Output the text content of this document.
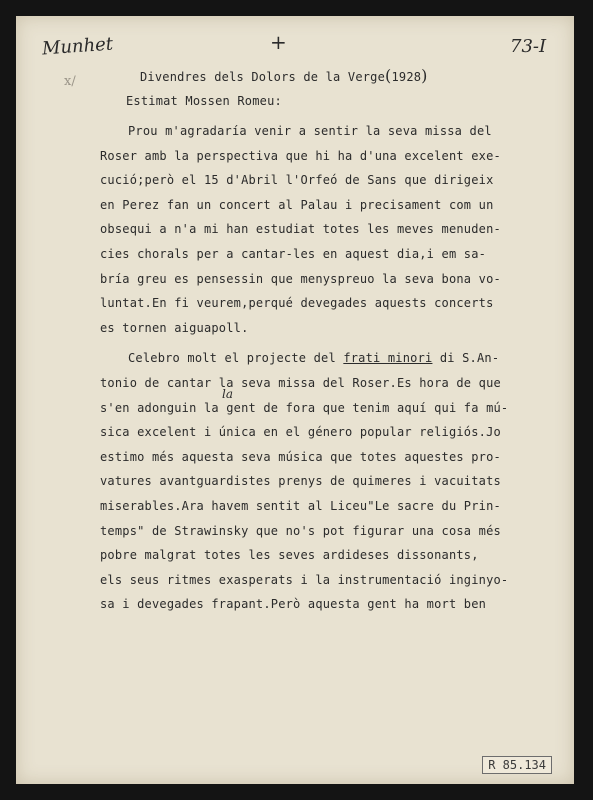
Munhet	+	73-I
x/	Divendres dels Dolors de la Verge(1928)
Estimat Mossen Romeu:
Prou m'agradaría venir a sentir la seva missa del
Roser amb la perspectiva que hi ha d'una excelent exe-
cució;però el 15 d'Abril l'Orfeó de Sans que dirigeix
en Perez fan un concert al Palau i precisament com un
obsequi a n'a mi han estudiat totes les meves menuden-
cies chorals per a cantar-les en aquest dia,i em sa-
bría greu es pensessin que menyspreuo la seva bona vo-
luntat.En fi veurem,perqué devegades aquests concerts
es tornen aiguapoll.
Celebro molt el projecte del frati minori di S.An-
tonio de cantar la seva missa del Roser.Es hora de que
s'en adonguin la gent de fora que tenim aquí qui fa mú-
sica excelent i única en el género popular religiós.Jo
estimo més aquesta seva música que totes aquestes pro-
vatures avantguardistes prenys de quimeres i vacuitats
miserables.Ara havem sentit al Liceu"Le sacre du Prin-
temps" de Strawinsky que no's pot figurar una cosa més
pobre malgrat totes les seves ardideses dissonants,
els seus ritmes exasperats i la instrumentació inginyo-
sa i devegades frapant.Però aquesta gent ha mort ben
la
R 85.134
